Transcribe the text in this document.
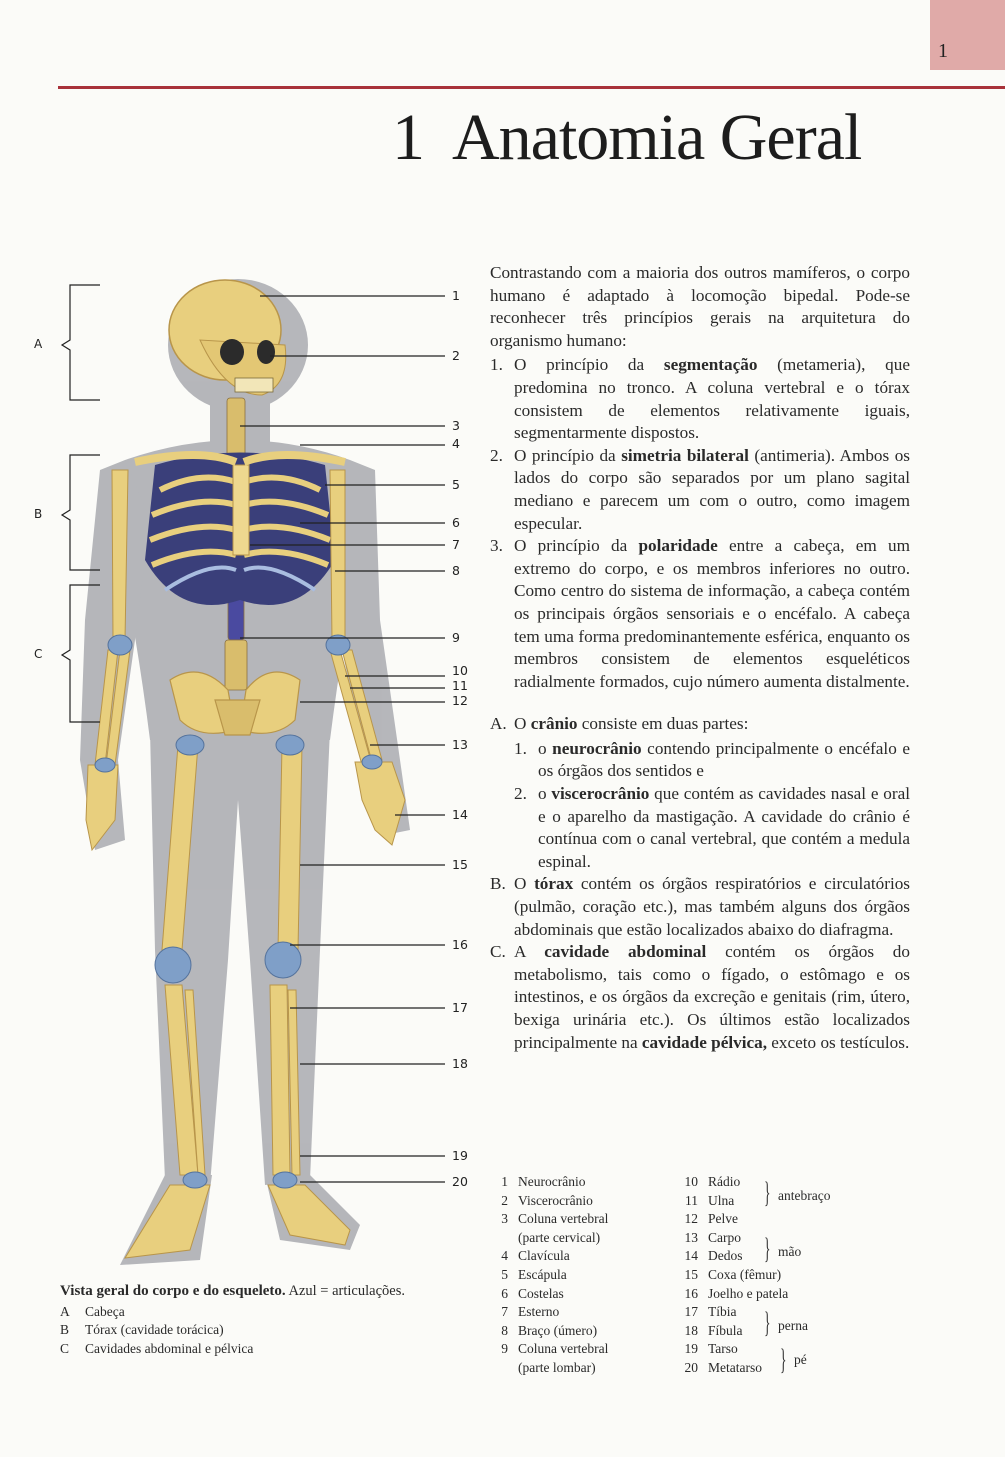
1
1 Anatomia Geral
A
B
C
1
2
3
4
5
6
7
8
9
10
11
12
13
14
15
16
17
18
19
20

Contrastando com a maioria dos outros mamíferos, o corpo humano é adaptado à locomoção bipedal. Pode-se reconhecer três princípios gerais na arquitetura do organismo humano:

1. O princípio da segmentação (metameria), que predomina no tronco. A coluna vertebral e o tórax consistem de elementos relativamente iguais, segmentarmente dispostos.
2. O princípio da simetria bilateral (antimeria). Ambos os lados do corpo são separados por um plano sagital mediano e parecem um com o outro, como imagem especular.
3. O princípio da polaridade entre a cabeça, em um extremo do corpo, e os membros inferiores no outro. Como centro do sistema de informação, a cabeça contém os principais órgãos sensoriais e o encéfalo. A cabeça tem uma forma predominantemente esférica, enquanto os membros consistem de elementos esqueléticos radialmente formados, cujo número aumenta distalmente.
A. O crânio consiste em duas partes:
1. o neurocrânio contendo principalmente o encéfalo e os órgãos dos sentidos e
2. o viscerocrânio que contém as cavidades nasal e oral e o aparelho da mastigação. A cavidade do crânio é contínua com o canal vertebral, que contém a medula espinal.
B. O tórax contém os órgãos respiratórios e circulatórios (pulmão, coração etc.), mas também alguns dos órgãos abdominais que estão localizados abaixo do diafragma.
C. A cavidade abdominal contém os órgãos do metabolismo, tais como o fígado, o estômago e os intestinos, e os órgãos da excreção e genitais (rim, útero, bexiga urinária etc.). Os últimos estão localizados principalmente na cavidade pélvica, exceto os testículos.
Vista geral do corpo e do esqueleto. Azul = articulações.
A Cabeça
B Tórax (cavidade torácica)
C Cavidades abdominal e pélvica
1 Neurocrânio
2 Viscerocrânio
3 Coluna vertebral
(parte cervical)
4 Clavícula
5 Escápula
6 Costelas
7 Esterno
8 Braço (úmero)
9 Coluna vertebral
(parte lombar)
10 Rádio
11 Ulna
12 Pelve
13 Carpo
14 Dedos
15 Coxa (fêmur)
16 Joelho e patela
17 Tíbia
18 Fíbula
19 Tarso
20 Metatarso
} antebraço
} mão
} perna
} pé
